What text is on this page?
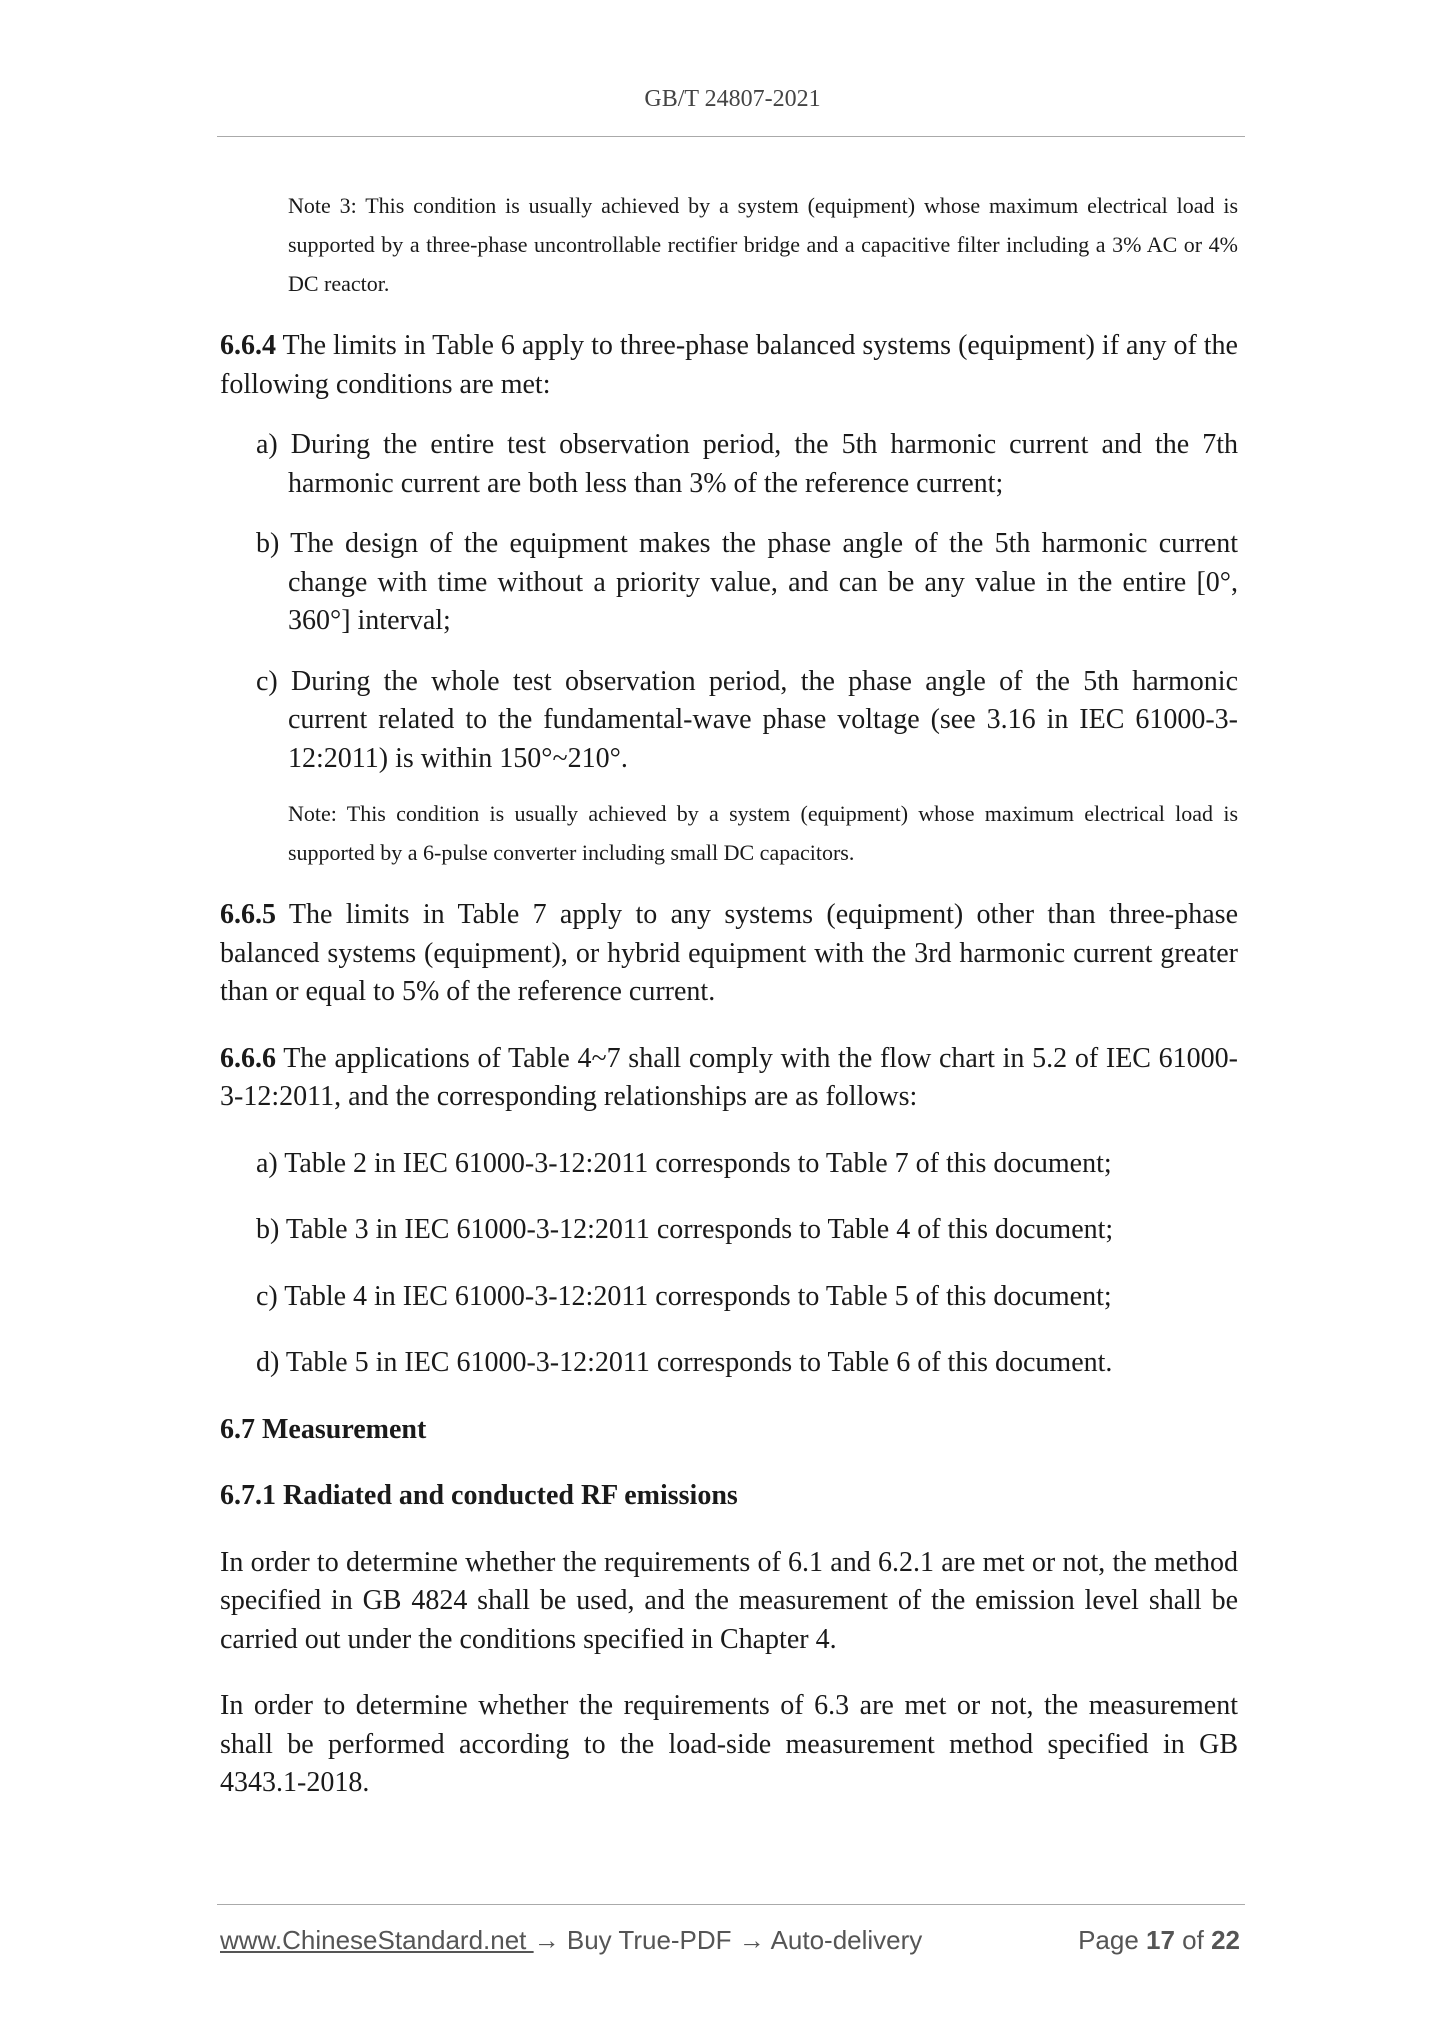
GB/T 24807-2021

Note 3: This condition is usually achieved by a system (equipment) whose maximum electrical load is supported by a three-phase uncontrollable rectifier bridge and a capacitive filter including a 3% AC or 4% DC reactor.

6.6.4 The limits in Table 6 apply to three-phase balanced systems (equipment) if any of the following conditions are met:

a) During the entire test observation period, the 5th harmonic current and the 7th harmonic current are both less than 3% of the reference current;

b) The design of the equipment makes the phase angle of the 5th harmonic current change with time without a priority value, and can be any value in the entire [0°, 360°] interval;

c) During the whole test observation period, the phase angle of the 5th harmonic current related to the fundamental-wave phase voltage (see 3.16 in IEC 61000-3-12:2011) is within 150°~210°.

Note: This condition is usually achieved by a system (equipment) whose maximum electrical load is supported by a 6-pulse converter including small DC capacitors.

6.6.5 The limits in Table 7 apply to any systems (equipment) other than three-phase balanced systems (equipment), or hybrid equipment with the 3rd harmonic current greater than or equal to 5% of the reference current.

6.6.6 The applications of Table 4~7 shall comply with the flow chart in 5.2 of IEC 61000-3-12:2011, and the corresponding relationships are as follows:

a) Table 2 in IEC 61000-3-12:2011 corresponds to Table 7 of this document;

b) Table 3 in IEC 61000-3-12:2011 corresponds to Table 4 of this document;

c) Table 4 in IEC 61000-3-12:2011 corresponds to Table 5 of this document;

d) Table 5 in IEC 61000-3-12:2011 corresponds to Table 6 of this document.

6.7 Measurement

6.7.1 Radiated and conducted RF emissions

In order to determine whether the requirements of 6.1 and 6.2.1 are met or not, the method specified in GB 4824 shall be used, and the measurement of the emission level shall be carried out under the conditions specified in Chapter 4.

In order to determine whether the requirements of 6.3 are met or not, the measurement shall be performed according to the load-side measurement method specified in GB 4343.1-2018.

www.ChineseStandard.net → Buy True-PDF → Auto-delivery	Page 17 of 22
